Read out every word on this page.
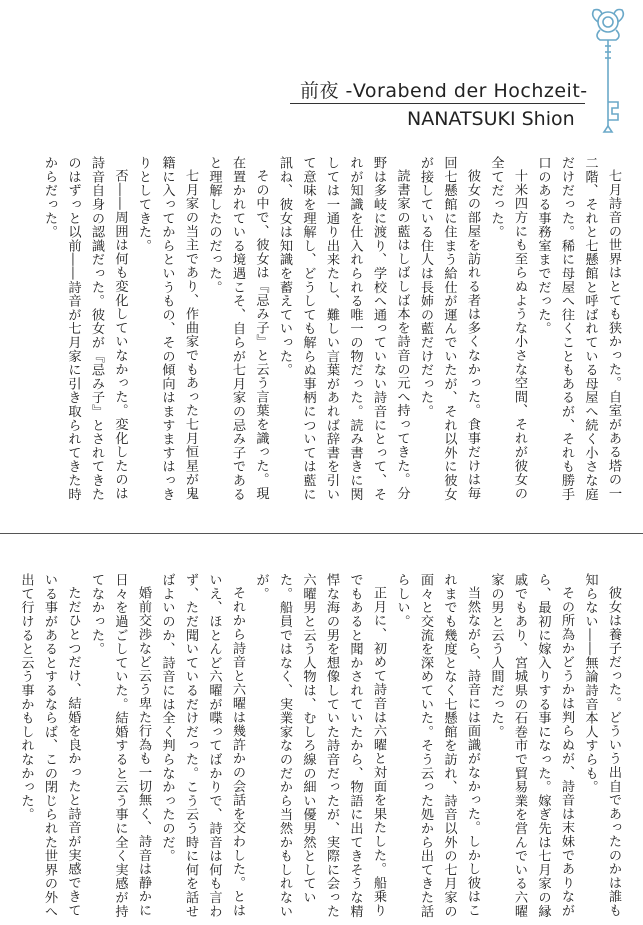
前夜 -Vorabend der Hochzeit-
NANATSUKI Shion

七月詩音の世界はとても狭かった。自室がある塔の一二階、それと七懸館と呼ばれている母屋へ続く小さな庭だけだった。稀に母屋へ往くこともあるが、それも勝手口のある事務室までだった。

十米四方にも至らぬような小さな空間、それが彼女の全てだった。

彼女の部屋を訪れる者は多くなかった。食事だけは毎回七懸館に住まう給仕が運んでいたが、それ以外に彼女が接している住人は長姉の藍だけだった。

読書家の藍はしばしば本を詩音の元へ持ってきた。分野は多岐に渡り、学校へ通っていない詩音にとって、それが知識を仕入れられる唯一の物だった。読み書きに関しては一通り出来たし、難しい言葉があれば辞書を引いて意味を理解し、どうしても解らぬ事柄については藍に訊ね、彼女は知識を蓄えていった。

その中で、彼女は『忌み子』と云う言葉を識った。現在置かれている境遇こそ、自らが七月家の忌み子であると理解したのだった。

七月家の当主であり、作曲家でもあった七月恒星が鬼籍に入ってからというもの、その傾向はますますはっきりとしてきた。

否――周囲は何も変化していなかった。変化したのは詩音自身の認識だった。彼女が『忌み子』とされてきたのはずっと以前――詩音が七月家に引き取られてきた時からだった。

彼女は養子だった。どういう出自であったのかは誰も知らない――無論詩音本人すらも。

その所為かどうかは判らぬが、詩音は末妹でありながら、最初に嫁入りする事になった。嫁ぎ先は七月家の縁戚でもあり、宮城県の石巻市で貿易業を営んでいる六曜家の男と云う人間だった。

当然ながら、詩音には面識がなかった。しかし彼はこれまでも幾度となく七懸館を訪れ、詩音以外の七月家の面々と交流を深めていた。そう云った処から出てきた話らしい。

正月に、初めて詩音は六曜と対面を果たした。船乗りでもあると聞かされていたから、物語に出てきそうな精悍な海の男を想像していた詩音だったが、実際に会った六曜男と云う人物は、むしろ線の細い優男然としていた。船員ではなく、実業家なのだから当然かもしれないが。

それから詩音と六曜は幾許かの会話を交わした。とはいえ、ほとんど六曜が喋ってばかりで、詩音は何も言わず、ただ聞いているだけだった。こう云う時に何を話せばよいのか、詩音には全く判らなかったのだ。

婚前交渉など云う卑た行為も一切無く、詩音は静かに日々を過ごしていた。結婚すると云う事に全く実感が持てなかった。

ただひとつだけ、結婚を良かったと詩音が実感できている事があるとするならば、この閉じられた世界の外へ出て行けると云う事かもしれなかった。
